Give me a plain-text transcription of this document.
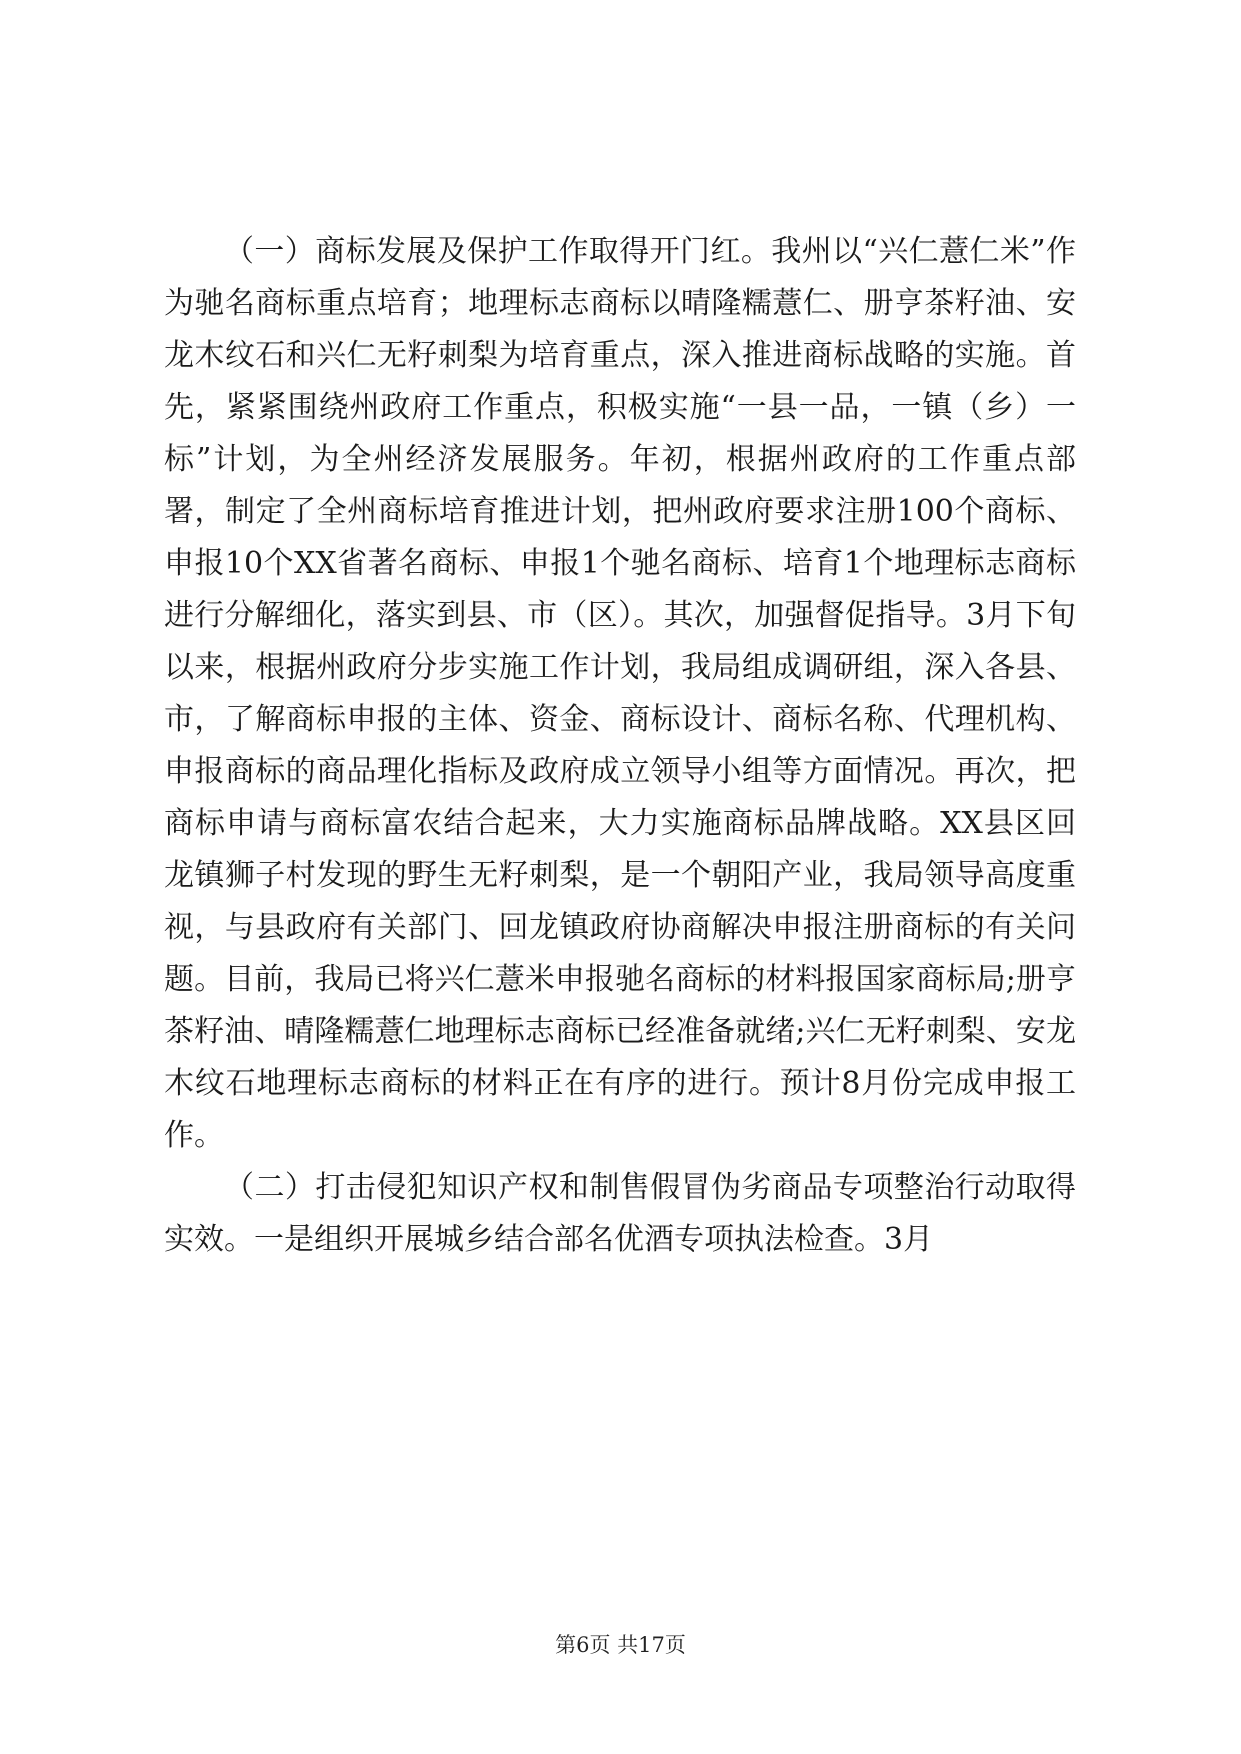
（一）商标发展及保护工作取得开门红。我州以“兴仁薏仁米”作为驰名商标重点培育；地理标志商标以晴隆糯薏仁、册亨茶籽油、安龙木纹石和兴仁无籽刺梨为培育重点，深入推进商标战略的实施。首先，紧紧围绕州政府工作重点，积极实施“一县一品，一镇（乡）一标”计划，为全州经济发展服务。年初，根据州政府的工作重点部署，制定了全州商标培育推进计划，把州政府要求注册100个商标、申报10个XX省著名商标、申报1个驰名商标、培育1个地理标志商标进行分解细化，落实到县、市（区）。其次，加强督促指导。3月下旬以来，根据州政府分步实施工作计划，我局组成调研组，深入各县、市，了解商标申报的主体、资金、商标设计、商标名称、代理机构、申报商标的商品理化指标及政府成立领导小组等方面情况。再次，把商标申请与商标富农结合起来，大力实施商标品牌战略。XX县区回龙镇狮子村发现的野生无籽刺梨，是一个朝阳产业，我局领导高度重视，与县政府有关部门、回龙镇政府协商解决申报注册商标的有关问题。目前，我局已将兴仁薏米申报驰名商标的材料报国家商标局;册亨茶籽油、晴隆糯薏仁地理标志商标已经准备就绪;兴仁无籽刺梨、安龙木纹石地理标志商标的材料正在有序的进行。预计8月份完成申报工作。

（二）打击侵犯知识产权和制售假冒伪劣商品专项整治行动取得实效。一是组织开展城乡结合部名优酒专项执法检查。3月

第6页 共17页
